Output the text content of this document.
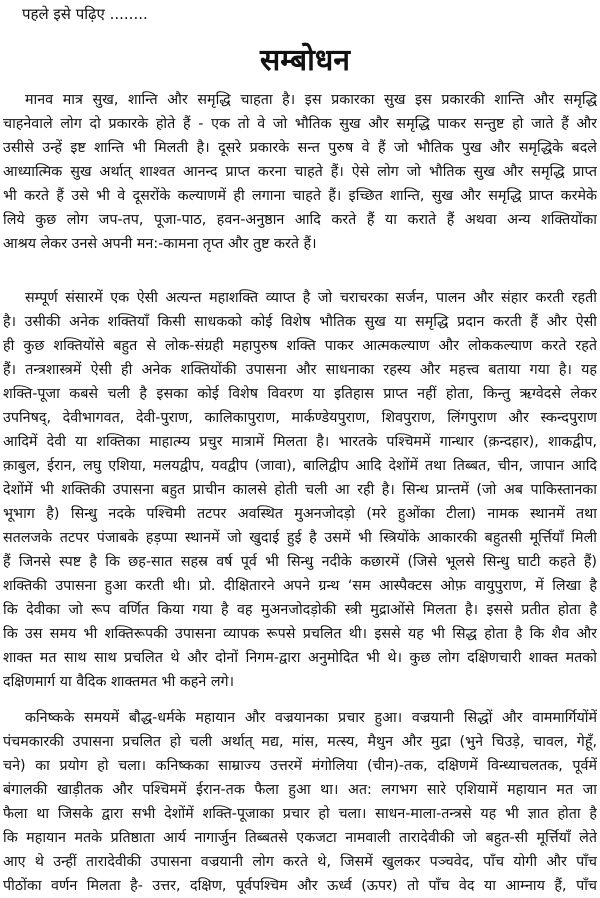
पहले इसे पढ़िए ........
सम्बोधन
मानव मात्र सुख, शान्ति और समृद्धि चाहता है। इस प्रकारका सुख इस प्रकारकी शान्ति और समृद्धि
चाहनेवाले लोग दो प्रकारके होते हैं - एक तो वे जो भौतिक सुख और समृद्धि पाकर सन्तुष्ट हो जाते हैं और
उसीसे उन्हें इष्ट शान्ति भी मिलती है। दूसरे प्रकारके सन्त पुरुष वे हैं जो भौतिक पुख और समृद्धिके बदले
आध्यात्मिक सुख अर्थात् शाश्वत आनन्द प्राप्त करना चाहते हैं। ऐसे लोग जो भौतिक सुख और समृद्धि प्राप्त
भी करते हैं उसे भी वे दूसरोंके कल्याणमें ही लगाना चाहते हैं। इच्छित शान्ति, सुख और समृद्धि प्राप्त करमेके
लिये कुछ लोग जप-तप, पूजा-पाठ, हवन-अनुष्ठान आदि करते हैं या कराते हैं अथवा अन्य शक्तियोंका
आश्रय लेकर उनसे अपनी मन:-कामना तृप्त और तुष्ट करते हैं।
सम्पूर्ण संसारमें एक ऐसी अत्यन्त महाशक्ति व्याप्त है जो चराचरका सर्जन, पालन और संहार करती रहती
है। उसीकी अनेक शक्तियाँ किसी साधकको कोई विशेष भौतिक सुख या समृद्धि प्रदान करती हैं और ऐसी
ही कुछ शक्तियोंसे बहुत से लोक-संग्रही महापुरुष शक्ति पाकर आत्मकल्याण और लोककल्याण करते रहते
हैं। तन्त्रशास्त्रमें ऐसी ही अनेक शक्तियोंकी उपासना और साधनाका रहस्य और महत्त्व बताया गया है। यह
शक्ति-पूजा कबसे चली है इसका कोई विशेष विवरण या इतिहास प्राप्त नहीं होता, किन्तु ऋग्वेदसे लेकर
उपनिषद्, देवीभागवत, देवी-पुराण, कालिकापुराण, मार्कण्डेयपुराण, शिवपुराण, लिंगपुराण और स्कन्दपुराण
आदिमें देवी या शक्तिका माहात्म्य प्रचुर मात्रामें मिलता है। भारतके पश्चिममें गान्धार (क़न्दहार), शाकद्वीप,
क़ाबुल, ईरान, लघु एशिया, मलयद्वीप, यवद्वीप (जावा), बालिद्वीप आदि देशोंमें तथा तिब्बत, चीन, जापान आदि
देशोंमें भी शक्तिकी उपासना बहुत प्राचीन कालसे होती चली आ रही है। सिन्ध प्रान्तमें (जो अब पाकिस्तानका
भूभाग है) सिन्धु नदके पश्चिमी तटपर अवस्थित मुअनजोदड़ो (मरे हुओंका टीला) नामक स्थानमें तथा
सतलजके तटपर पंजाबके हड़प्पा स्थानमें जो खुदाई हुई है उसमें भी स्त्रियोंके आकारकी बहुतसी मूर्त्तियाँ मिली
हैं जिनसे स्पष्ट है कि छह-सात सहस्र वर्ष पूर्व भी सिन्धु नदीके कछारमें (जिसे भूलसे सिन्धु घाटी कहते हैं)
शक्तिकी उपासना हुआ करती थी। प्रो. दीक्षितारने अपने ग्रन्थ ‘सम आस्पैक्टस ओफ़ वायुपुराण, में लिखा है
कि देवीका जो रूप वर्णित किया गया है वह मुअनजोदड़ोकी स्त्री मुद्राओंसे मिलता है। इससे प्रतीत होता है
कि उस समय भी शक्तिरूपकी उपासना व्यापक रूपसे प्रचलित थी। इससे यह भी सिद्ध होता है कि शैव और
शाक्त मत साथ साथ प्रचलित थे और दोनों निगम-द्वारा अनुमोदित भी थे। कुछ लोग दक्षिणचारी शाक्त मतको
दक्षिणमार्ग या वैदिक शाक्तमत भी कहने लगे।
कनिष्कके समयमें बौद्ध-धर्मके महायान और वज्रयानका प्रचार हुआ। वज्रयानी सिद्धों और वाममार्गियोंमें
पंचमकारकी उपासना प्रचलित हो चली अर्थात् मद्य, मांस, मत्स्य, मैथुन और मुद्रा (भुने चिउड़े, चावल, गेहूँ,
चने) का प्रयोग हो चला। कनिष्कका साम्राज्य उत्तरमें मंगोलिया (चीन)-तक, दक्षिणमें विन्ध्याचलतक, पूर्वमें
बंगालकी खाड़ीतक और पश्चिममें ईरान-तक फैला हुआ था। अत: लगभग सारे एशियामें महायान मत जा
फैला था जिसके द्वारा सभी देशोंमें शक्ति-पूजाका प्रचार हो चला। साधन-माला-तन्त्रसे यह भी ज्ञात होता है
कि महायान मतके प्रतिष्ठाता आर्य नागार्जुन तिब्बतसे एकजटा नामवाली तारादेवीकी जो बहुत-सी मूर्त्तियाँ लेते
आए थे उन्हीं तारादेवीकी उपासना वज्रयानी लोग करते थे, जिसमें खुलकर पञ्चवेद, पाँच योगी और पाँच
पीठोंका वर्णन मिलता है- उत्तर, दक्षिण, पूर्वपश्चिम और ऊर्ध्व (ऊपर) तो पाँच वेद या आम्नाय हैं, पाँच
